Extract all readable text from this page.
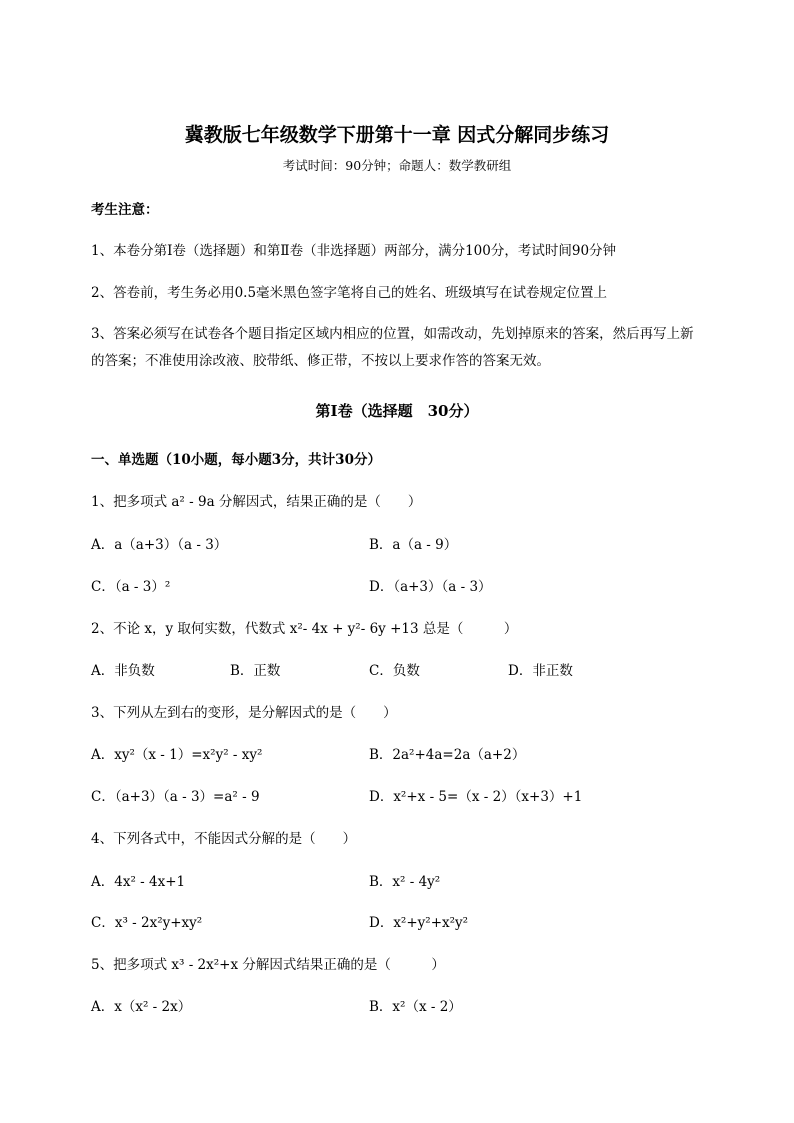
冀教版七年级数学下册第十一章 因式分解同步练习
考试时间：90分钟；命题人：数学教研组
考生注意：
1、本卷分第I卷（选择题）和第Ⅱ卷（非选择题）两部分，满分100分，考试时间90分钟
2、答卷前，考生务必用0.5毫米黑色签字笔将自己的姓名、班级填写在试卷规定位置上
3、答案必须写在试卷各个题目指定区域内相应的位置，如需改动，先划掉原来的答案，然后再写上新的答案；不准使用涂改液、胶带纸、修正带，不按以上要求作答的答案无效。
第I卷（选择题　30分）
一、单选题（10小题，每小题3分，共计30分）
1、把多项式 a² - 9a 分解因式，结果正确的是（　　）
A．a（a+3）（a - 3）	B．a（a - 9）
C．（a - 3）²	D．（a+3）（a - 3）
2、不论 x，y 取何实数，代数式 x²- 4x + y²- 6y +13 总是（　　　）
A．非负数	B．正数	C．负数	D．非正数
3、下列从左到右的变形，是分解因式的是（　　）
A．xy²（x - 1）=x²y² - xy²	B．2a²+4a=2a（a+2）
C．（a+3）（a - 3）=a² - 9	D．x²+x - 5=（x - 2）（x+3）+1
4、下列各式中，不能因式分解的是（　　）
A．4x² - 4x+1	B．x² - 4y²
C．x³ - 2x²y+xy²	D．x²+y²+x²y²
5、把多项式 x³ - 2x²+x 分解因式结果正确的是（　　　）
A．x（x² - 2x）	B．x²（x - 2）
